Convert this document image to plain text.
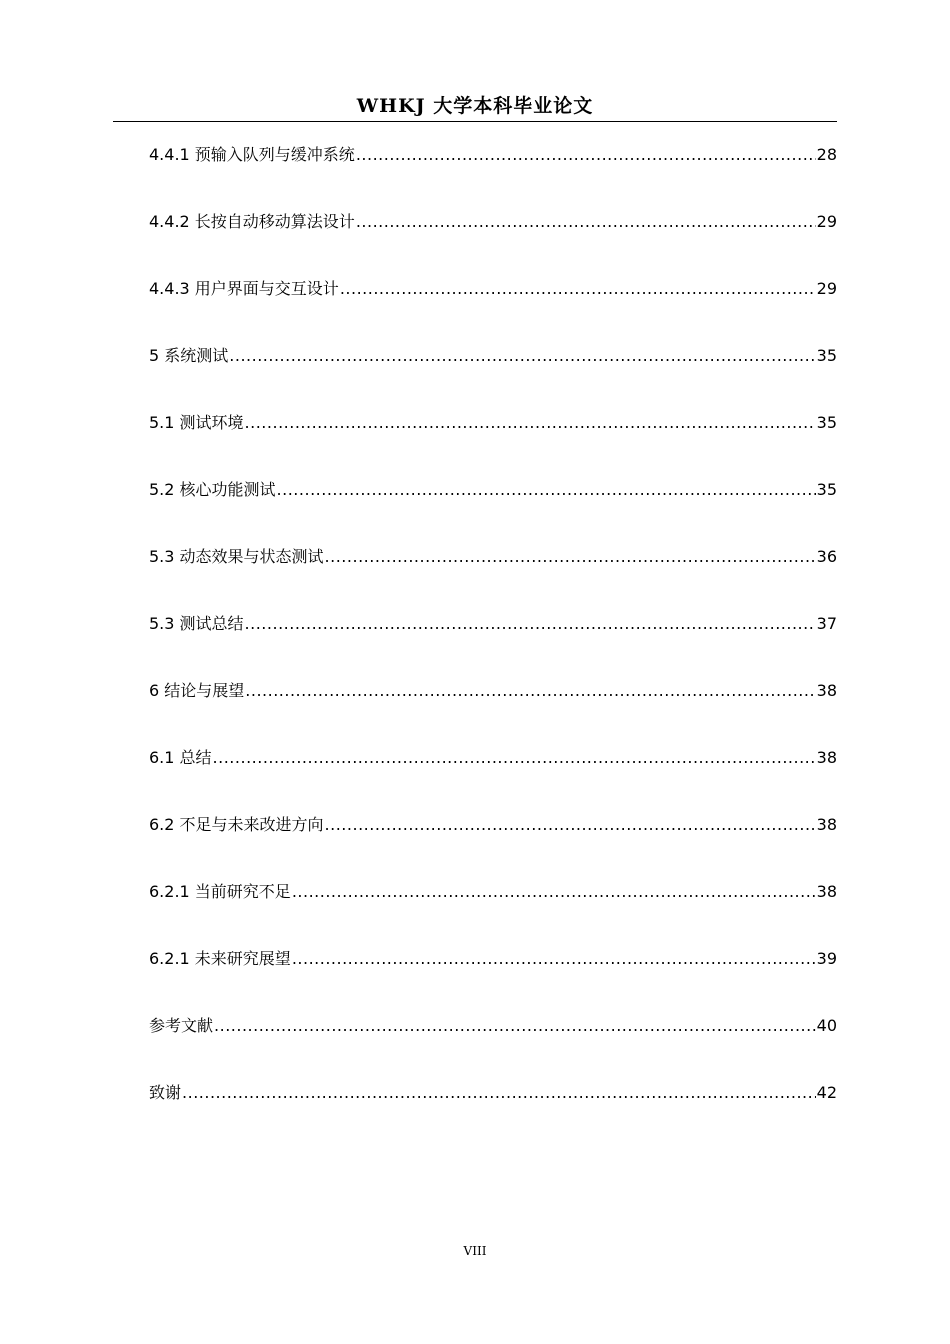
WHKJ 大学本科毕业论文
4.4.1 预输入队列与缓冲系统 .....	28
4.4.2 长按自动移动算法设计 .....	29
4.4.3 用户界面与交互设计 .....	29
5 系统测试 .....	35
5.1 测试环境 .....	35
5.2 核心功能测试 .....	35
5.3 动态效果与状态测试 .....	36
5.3 测试总结 .....	37
6 结论与展望 .....	38
6.1 总结 .....	38
6.2 不足与未来改进方向 .....	38
6.2.1 当前研究不足 .....	38
6.2.1 未来研究展望 .....	39
参考文献 .....	40
致谢 .....	42
VIII
